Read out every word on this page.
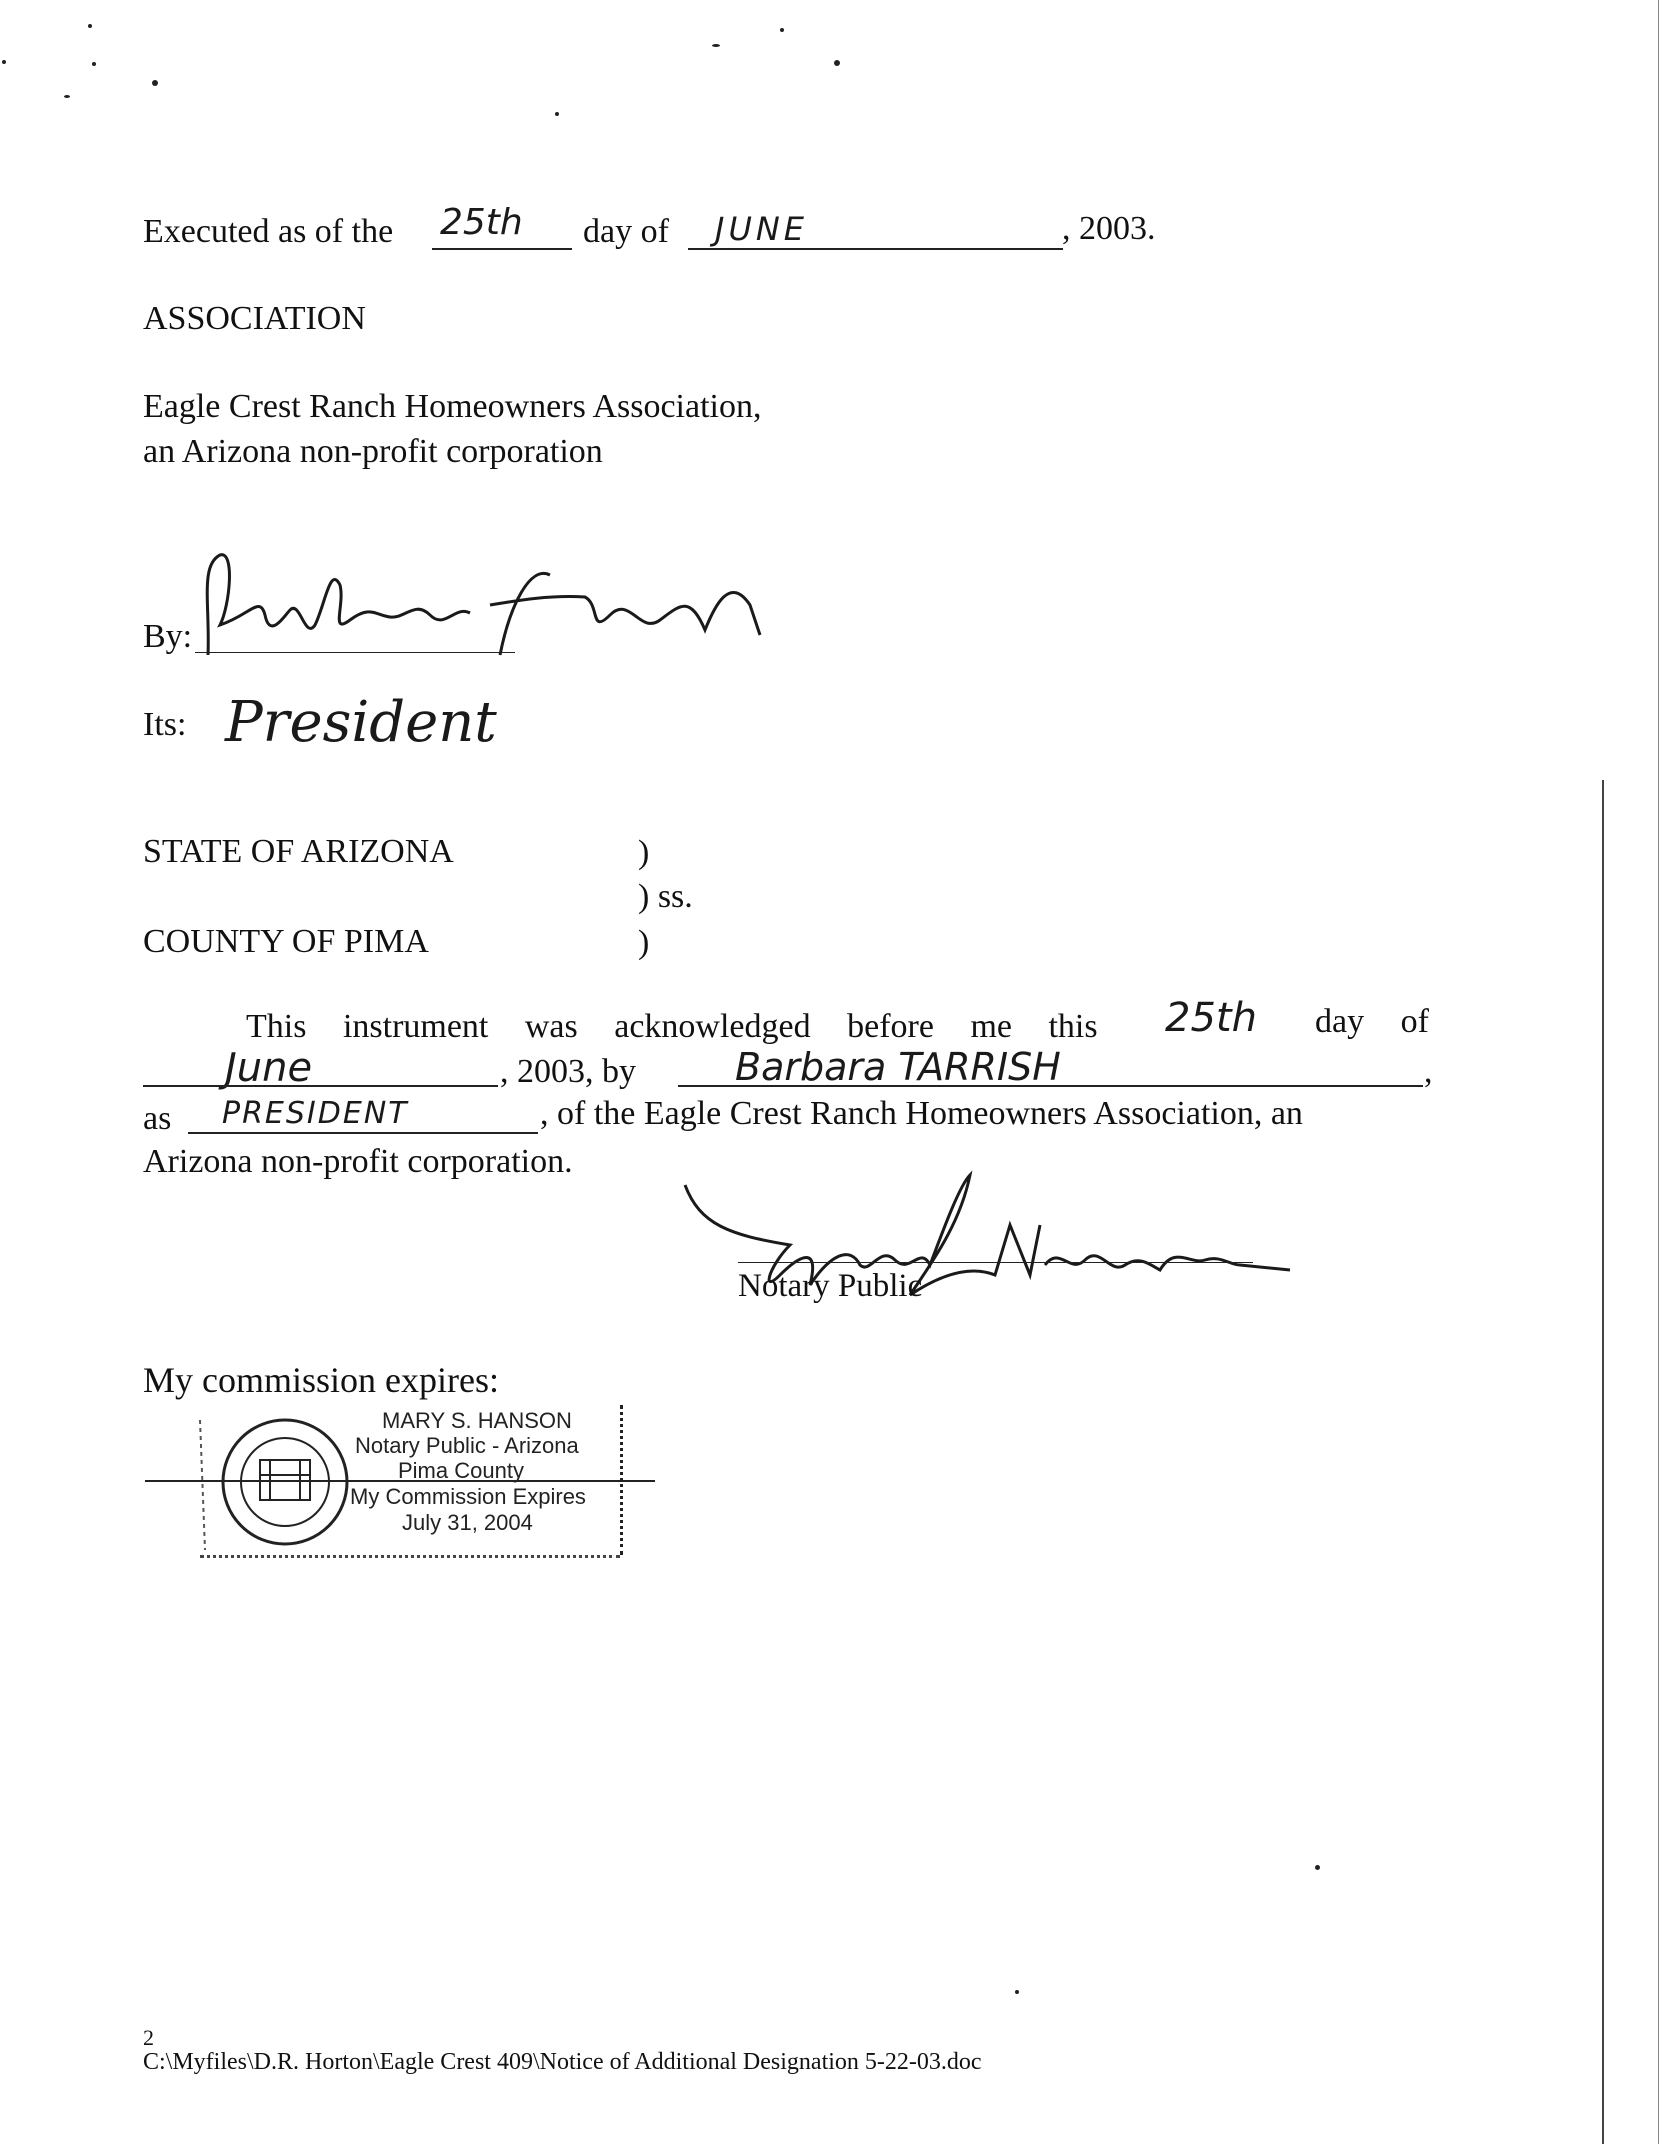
Executed as of the 25th day of JUNE	, 2003.
ASSOCIATION
Eagle Crest Ranch Homeowners Association,
an Arizona non-profit corporation
By:
Its: President
STATE OF ARIZONA	)
) ss.
COUNTY OF PIMA	)
This instrument was acknowledged before me this 25th day of
June	, 2003, by	Barbara TARRISH	,
as PRESIDENT	, of the Eagle Crest Ranch Homeowners Association, an
Arizona non-profit corporation.
Notary Public
My commission expires:
MARY S. HANSON
Notary Public - Arizona
Pima County
My Commission Expires
July 31, 2004
2
C:\Myfiles\D.R. Horton\Eagle Crest 409\Notice of Additional Designation 5-22-03.doc
